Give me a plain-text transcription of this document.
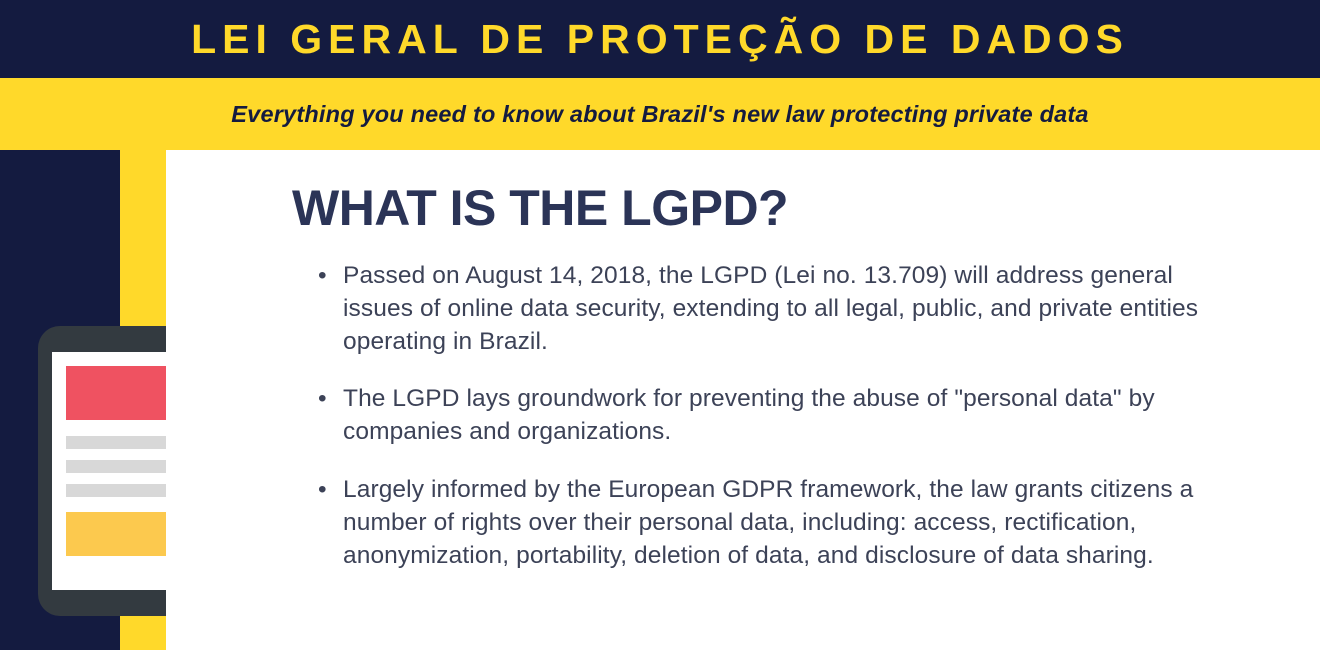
LEI GERAL DE PROTEÇÃO DE DADOS
Everything you need to know about Brazil's new law protecting private data
WHAT IS THE LGPD?
• Passed on August 14, 2018, the LGPD (Lei no. 13.709) will address general issues of online data security, extending to all legal, public, and private entities operating in Brazil.
• The LGPD lays groundwork for preventing the abuse of "personal data" by companies and organizations.
• Largely informed by the European GDPR framework, the law grants citizens a number of rights over their personal data, including: access, rectification, anonymization, portability, deletion of data, and disclosure of data sharing.
